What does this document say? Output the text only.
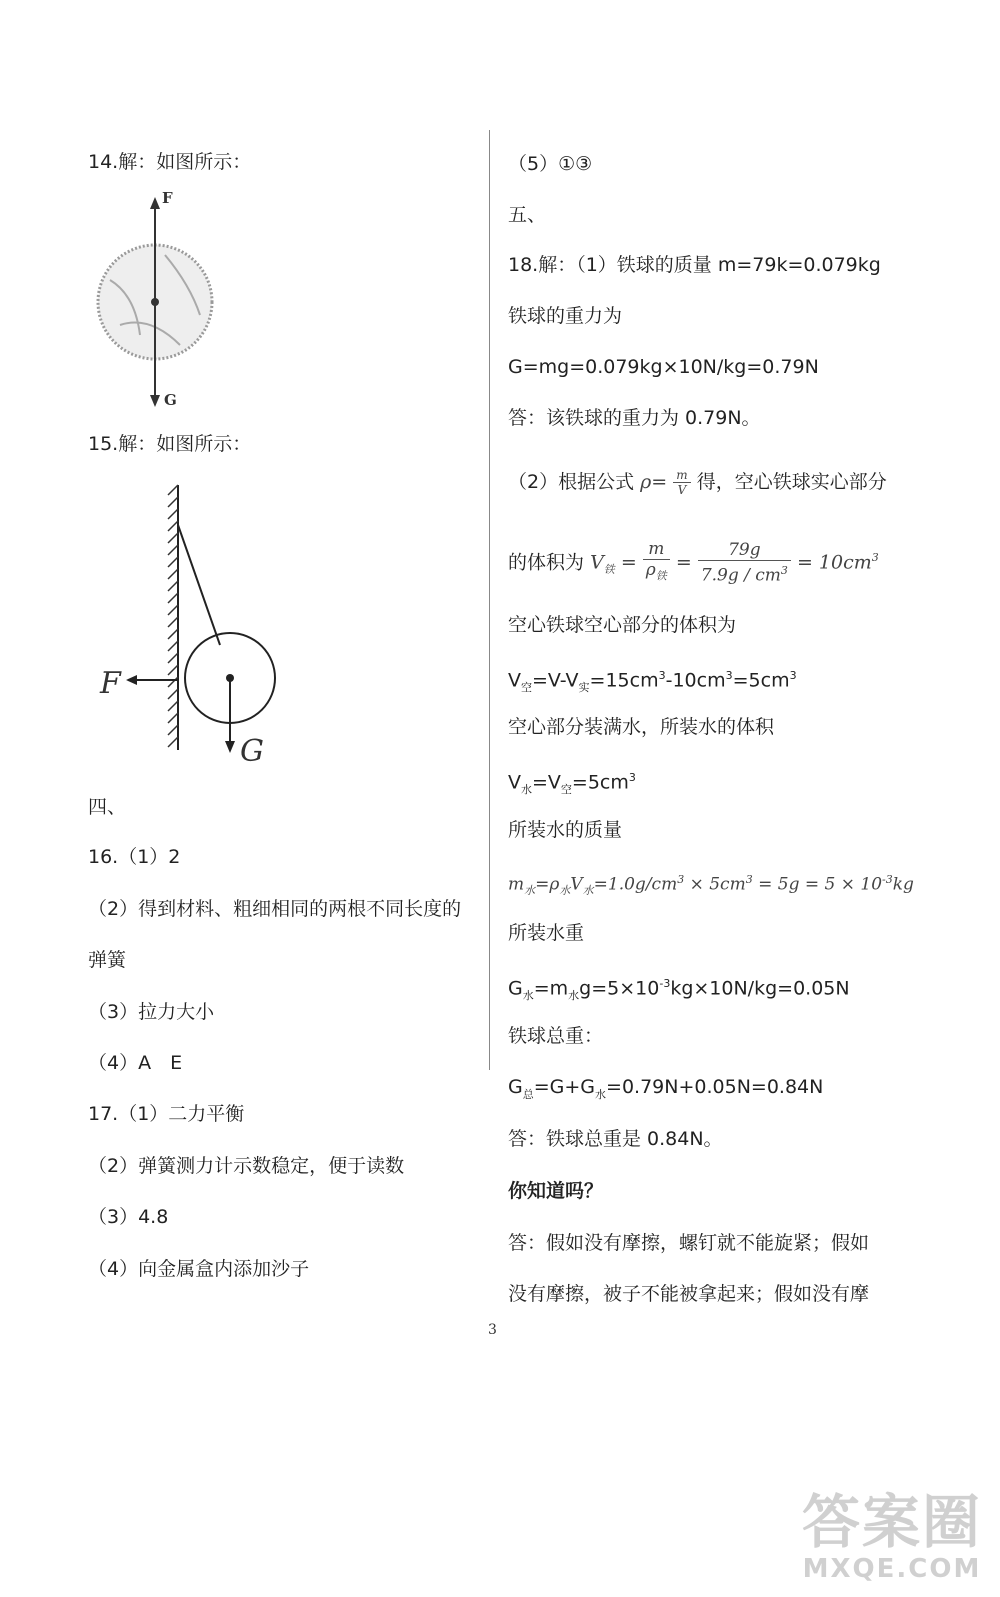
14.解：如图所示：
F
G
15.解：如图所示：
F
G
四、
16.（1）2
（2）得到材料、粗细相同的两根不同长度的
弹簧
（3）拉力大小
（4）A　E
17.（1）二力平衡
（2）弹簧测力计示数稳定，便于读数
（3）4.8
（4）向金属盒内添加沙子
（5）①③
五、
18.解：（1）铁球的质量 m=79k=0.079kg
铁球的重力为
G=mg=0.079kg×10N/kg=0.79N
答：该铁球的重力为 0.79N。
（2）根据公式 $\rho= \frac{m}{V}$ 得，空心铁球实心部分
的体积为 $V_铁 = \frac{m}{\rho_铁} = \frac{79g}{7.9g / cm^3} = 10cm^3$
空心铁球空心部分的体积为
$V_空=V-V_实=15cm^3-10cm^3=5cm^3$
空心部分装满水，所装水的体积
$V_水=V_空=5cm^3$
所装水的质量
$m_水=\rho_水V_水=1.0g/cm^3 \times 5cm^3 = 5g = 5 \times 10^{-3}kg$
所装水重
$G_水=m_水g=5\times 10^{-3}kg\times 10N/kg=0.05N$
铁球总重：
$G_总=G+G_水=0.79N+0.05N=0.84N$
答：铁球总重是 0.84N。
你知道吗？
答：假如没有摩擦，螺钉就不能旋紧；假如
没有摩擦，被子不能被拿起来；假如没有摩
3
答案圈
MXQE.COM
